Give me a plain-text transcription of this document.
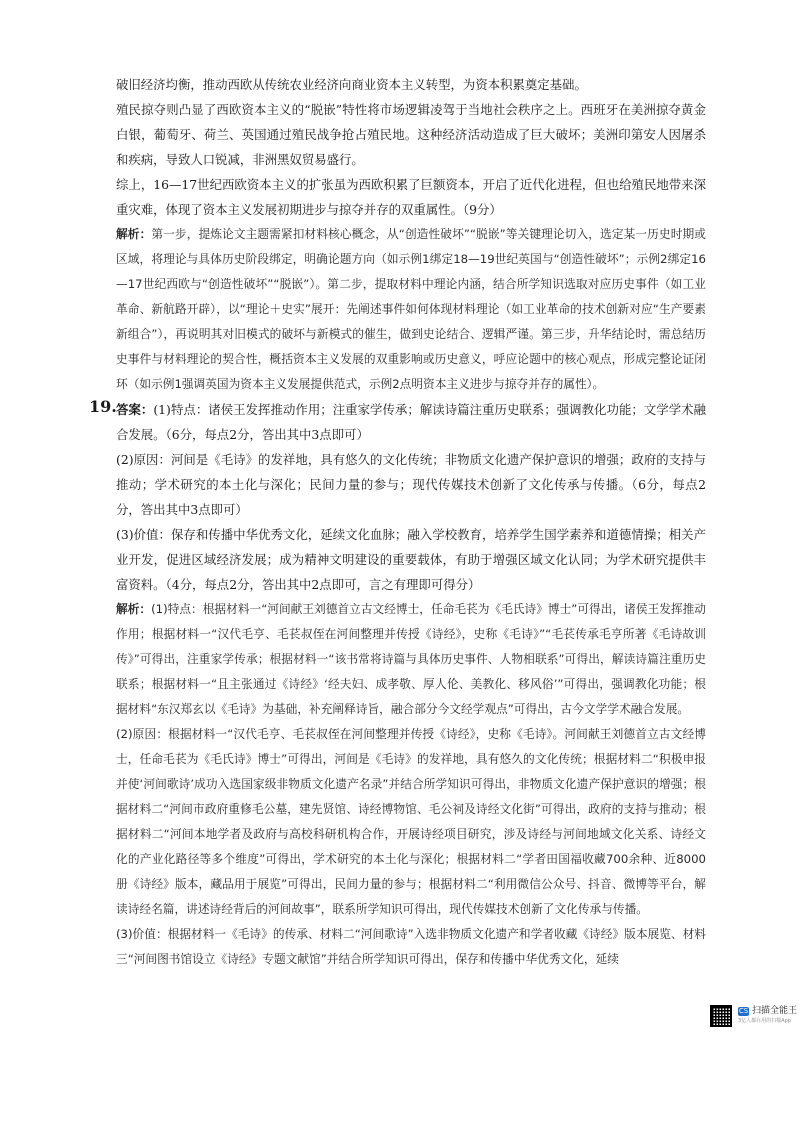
破旧经济均衡，推动西欧从传统农业经济向商业资本主义转型，为资本积累奠定基础。

殖民掠夺则凸显了西欧资本主义的“脱嵌”特性将市场逻辑凌驾于当地社会秩序之上。西班牙在美洲掠夺黄金白银，葡萄牙、荷兰、英国通过殖民战争抢占殖民地。这种经济活动造成了巨大破坏；美洲印第安人因屠杀和疾病，导致人口锐减，非洲黑奴贸易盛行。

综上，16—17世纪西欧资本主义的扩张虽为西欧积累了巨额资本，开启了近代化进程，但也给殖民地带来深重灾难，体现了资本主义发展初期进步与掠夺并存的双重属性。（9分）

解析：第一步，提炼论文主题需紧扣材料核心概念，从“创造性破坏”“脱嵌”等关键理论切入，选定某一历史时期或区域，将理论与具体历史阶段绑定，明确论题方向（如示例1绑定18—19世纪英国与“创造性破坏”；示例2绑定16—17世纪西欧与“创造性破坏”“脱嵌”）。第二步，提取材料中理论内涵，结合所学知识选取对应历史事件（如工业革命、新航路开辟），以“理论＋史实”展开：先阐述事件如何体现材料理论（如工业革命的技术创新对应“生产要素新组合”），再说明其对旧模式的破坏与新模式的催生，做到史论结合、逻辑严谨。第三步，升华结论时，需总结历史事件与材料理论的契合性，概括资本主义发展的双重影响或历史意义，呼应论题中的核心观点，形成完整论证闭环（如示例1强调英国为资本主义发展提供范式，示例2点明资本主义进步与掠夺并存的属性）。

19. 答案：(1)特点：诸侯王发挥推动作用；注重家学传承；解读诗篇注重历史联系；强调教化功能；文学学术融合发展。（6分，每点2分，答出其中3点即可）

(2)原因：河间是《毛诗》的发祥地，具有悠久的文化传统；非物质文化遗产保护意识的增强；政府的支持与推动；学术研究的本土化与深化；民间力量的参与；现代传媒技术创新了文化传承与传播。（6分，每点2分，答出其中3点即可）

(3)价值：保存和传播中华优秀文化，延续文化血脉；融入学校教育，培养学生国学素养和道德情操；相关产业开发，促进区域经济发展；成为精神文明建设的重要载体，有助于增强区域文化认同；为学术研究提供丰富资料。（4分，每点2分，答出其中2点即可，言之有理即可得分）

解析：(1)特点：根据材料一“河间献王刘德首立古文经博士，任命毛苌为《毛氏诗》博士”可得出，诸侯王发挥推动作用；根据材料一“汉代毛亨、毛苌叔侄在河间整理并传授《诗经》，史称《毛诗》”“毛苌传承毛亨所著《毛诗故训传》”可得出，注重家学传承；根据材料一“该书常将诗篇与具体历史事件、人物相联系”可得出，解读诗篇注重历史联系；根据材料一“且主张通过《诗经》‘经夫妇、成孝敬、厚人伦、美教化、移风俗’”可得出，强调教化功能；根据材料“东汉郑玄以《毛诗》为基础，补充阐释诗旨，融合部分今文经学观点”可得出，古今文学学术融合发展。

(2)原因：根据材料一“汉代毛亨、毛苌叔侄在河间整理并传授《诗经》，史称《毛诗》。河间献王刘德首立古文经博士，任命毛苌为《毛氏诗》博士”可得出，河间是《毛诗》的发祥地，具有悠久的文化传统；根据材料二“积极申报并使‘河间歌诗’成功入选国家级非物质文化遗产名录”并结合所学知识可得出，非物质文化遗产保护意识的增强；根据材料二“河间市政府重修毛公墓，建先贤馆、诗经博物馆、毛公祠及诗经文化街”可得出，政府的支持与推动；根据材料二“河间本地学者及政府与高校科研机构合作，开展诗经项目研究，涉及诗经与河间地域文化关系、诗经文化的产业化路径等多个维度”可得出，学术研究的本土化与深化；根据材料二“学者田国福收藏700余种、近8000册《诗经》版本，藏品用于展览”可得出，民间力量的参与；根据材料二“利用微信公众号、抖音、微博等平台，解读诗经名篇，讲述诗经背后的河间故事”，联系所学知识可得出，现代传媒技术创新了文化传承与传播。

(3)价值：根据材料一《毛诗》的传承、材料二“河间歌诗”入选非物质文化遗产和学者收藏《诗经》版本展览、材料三“河间图书馆设立《诗经》专题文献馆”并结合所学知识可得出，保存和传播中华优秀文化，延续

CS 扫描全能王
3亿人都在用的扫描App
